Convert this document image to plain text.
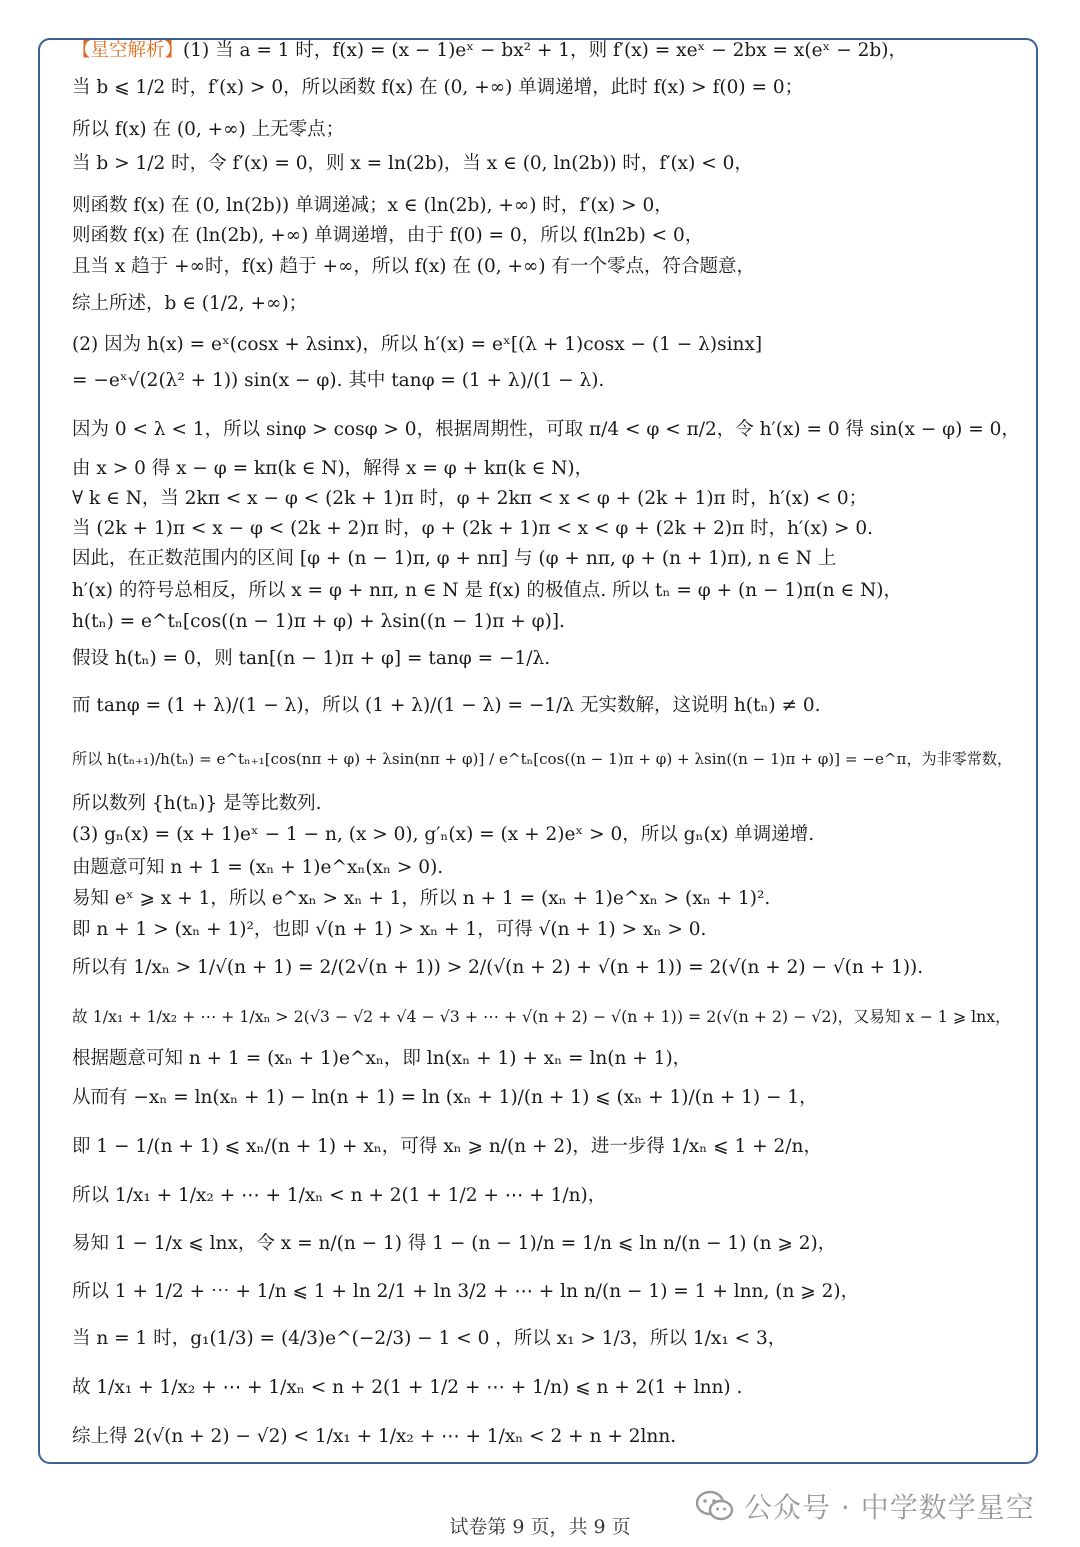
【星空解析】(1) 当 a = 1 时，f(x) = (x − 1)eˣ − bx² + 1，则 f′(x) = xeˣ − 2bx = x(eˣ − 2b)，
当 b ⩽ 1/2 时，f′(x) > 0，所以函数 f(x) 在 (0, +∞) 单调递增，此时 f(x) > f(0) = 0；
所以 f(x) 在 (0, +∞) 上无零点；
当 b > 1/2 时，令 f′(x) = 0，则 x = ln(2b)，当 x ∈ (0, ln(2b)) 时，f′(x) < 0，
则函数 f(x) 在 (0, ln(2b)) 单调递减；x ∈ (ln(2b), +∞) 时，f′(x) > 0，
则函数 f(x) 在 (ln(2b), +∞) 单调递增，由于 f(0) = 0，所以 f(ln2b) < 0，
且当 x 趋于 +∞时，f(x) 趋于 +∞，所以 f(x) 在 (0, +∞) 有一个零点，符合题意，
综上所述，b ∈ (1/2, +∞)；
(2) 因为 h(x) = eˣ(cosx + λsinx)，所以 h′(x) = eˣ[(λ + 1)cosx − (1 − λ)sinx]
= −eˣ√(2(λ² + 1)) sin(x − φ). 其中 tanφ = (1 + λ)/(1 − λ).
因为 0 < λ < 1，所以 sinφ > cosφ > 0，根据周期性，可取 π/4 < φ < π/2，令 h′(x) = 0 得 sin(x − φ) = 0，
由 x > 0 得 x − φ = kπ(k ∈ N)，解得 x = φ + kπ(k ∈ N)，
∀ k ∈ N，当 2kπ < x − φ < (2k + 1)π 时，φ + 2kπ < x < φ + (2k + 1)π 时，h′(x) < 0；
当 (2k + 1)π < x − φ < (2k + 2)π 时，φ + (2k + 1)π < x < φ + (2k + 2)π 时，h′(x) > 0.
因此，在正数范围内的区间 [φ + (n − 1)π, φ + nπ] 与 (φ + nπ, φ + (n + 1)π), n ∈ N 上
h′(x) 的符号总相反，所以 x = φ + nπ, n ∈ N 是 f(x) 的极值点. 所以 tₙ = φ + (n − 1)π(n ∈ N)，
h(tₙ) = e^tₙ[cos((n − 1)π + φ) + λsin((n − 1)π + φ)].
假设 h(tₙ) = 0，则 tan[(n − 1)π + φ] = tanφ = −1/λ.
而 tanφ = (1 + λ)/(1 − λ)，所以 (1 + λ)/(1 − λ) = −1/λ 无实数解，这说明 h(tₙ) ≠ 0.
所以 h(tₙ₊₁)/h(tₙ) = e^tₙ₊₁[cos(nπ + φ) + λsin(nπ + φ)] / e^tₙ[cos((n − 1)π + φ) + λsin((n − 1)π + φ)] = −e^π，为非零常数，
所以数列 {h(tₙ)} 是等比数列.
(3) gₙ(x) = (x + 1)eˣ − 1 − n, (x > 0), g′ₙ(x) = (x + 2)eˣ > 0，所以 gₙ(x) 单调递增.
由题意可知 n + 1 = (xₙ + 1)e^xₙ(xₙ > 0).
易知 eˣ ⩾ x + 1，所以 e^xₙ > xₙ + 1，所以 n + 1 = (xₙ + 1)e^xₙ > (xₙ + 1)².
即 n + 1 > (xₙ + 1)²，也即 √(n + 1) > xₙ + 1，可得 √(n + 1) > xₙ > 0.
所以有 1/xₙ > 1/√(n + 1) = 2/(2√(n + 1)) > 2/(√(n + 2) + √(n + 1)) = 2(√(n + 2) − √(n + 1)).
故 1/x₁ + 1/x₂ + ⋯ + 1/xₙ > 2(√3 − √2 + √4 − √3 + ⋯ + √(n + 2) − √(n + 1)) = 2(√(n + 2) − √2)，又易知 x − 1 ⩾ lnx，
根据题意可知 n + 1 = (xₙ + 1)e^xₙ，即 ln(xₙ + 1) + xₙ = ln(n + 1)，
从而有 −xₙ = ln(xₙ + 1) − ln(n + 1) = ln (xₙ + 1)/(n + 1) ⩽ (xₙ + 1)/(n + 1) − 1，
即 1 − 1/(n + 1) ⩽ xₙ/(n + 1) + xₙ，可得 xₙ ⩾ n/(n + 2)，进一步得 1/xₙ ⩽ 1 + 2/n，
所以 1/x₁ + 1/x₂ + ⋯ + 1/xₙ < n + 2(1 + 1/2 + ⋯ + 1/n)，
易知 1 − 1/x ⩽ lnx，令 x = n/(n − 1) 得 1 − (n − 1)/n = 1/n ⩽ ln n/(n − 1) (n ⩾ 2)，
所以 1 + 1/2 + ⋯ + 1/n ⩽ 1 + ln 2/1 + ln 3/2 + ⋯ + ln n/(n − 1) = 1 + lnn, (n ⩾ 2)，
当 n = 1 时，g₁(1/3) = (4/3)e^(−2/3) − 1 < 0 ，所以 x₁ > 1/3，所以 1/x₁ < 3，
故 1/x₁ + 1/x₂ + ⋯ + 1/xₙ < n + 2(1 + 1/2 + ⋯ + 1/n) ⩽ n + 2(1 + lnn) .
综上得 2(√(n + 2) − √2) < 1/x₁ + 1/x₂ + ⋯ + 1/xₙ < 2 + n + 2lnn.
公众号 · 中学数学星空
试卷第 9 页，共 9 页
